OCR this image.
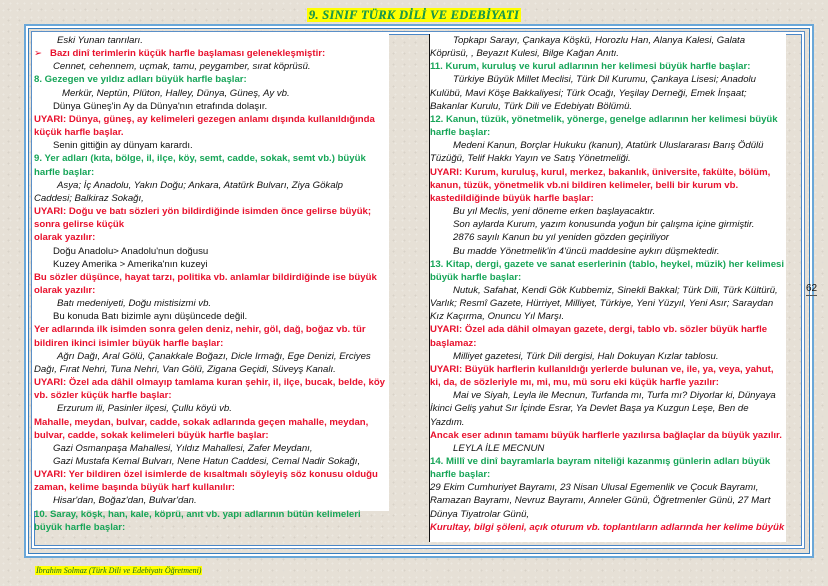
9. SINIF TÜRK DİLİ VE EDEBİYATI
Eski Yunan tanrıları.
➢ Bazı dinî terimlerin küçük harfle başlaması gelenekleşmiştir:
Cennet, cehennem, uçmak, tamu, peygamber, sırat köprüsü.
8. Gezegen ve yıldız adları büyük harfle başlar:
Merkür, Neptün, Plüton, Halley, Dünya, Güneş, Ay vb.
Dünya Güneş'in Ay da Dünya'nın etrafında dolaşır.
UYARI: Dünya, güneş, ay kelimeleri gezegen anlamı dışında kullanıldığında
küçük harfle başlar.
Senin gittiğin ay dünyam karardı.
9. Yer adları (kıta, bölge, il, ilçe, köy, semt, cadde, sokak, semt vb.) büyük
harfle başlar:
Asya; İç Anadolu, Yakın Doğu; Ankara, Atatürk Bulvarı, Ziya Gökalp
Caddesi; Balkiraz Sokağı,
UYARI: Doğu ve batı sözleri yön bildirdiğinde isimden önce gelirse büyük;
sonra gelirse küçük
olarak yazılır:
Doğu Anadolu> Anadolu'nun doğusu
Kuzey Amerika > Amerika'nın kuzeyi
Bu sözler düşünce, hayat tarzı, politika vb. anlamlar bildirdiğinde ise büyük
olarak yazılır:
Batı medeniyeti, Doğu mistisizmi vb.
Bu konuda Batı bizimle aynı düşüncede değil.
Yer adlarında ilk isimden sonra gelen deniz, nehir, göl, dağ, boğaz vb. tür
bildiren ikinci isimler büyük harfle başlar:
Ağrı Dağı, Aral Gölü, Çanakkale Boğazı, Dicle Irmağı, Ege Denizi, Erciyes
Dağı, Fırat Nehri, Tuna Nehri, Van Gölü, Zigana Geçidi, Süveyş Kanalı.
UYARI: Özel ada dâhil olmayıp tamlama kuran şehir, il, ilçe, bucak, belde, köy
vb. sözler küçük harfle başlar:
Erzurum ili, Pasinler ilçesi, Çullu köyü vb.
Mahalle, meydan, bulvar, cadde, sokak adlarında geçen mahalle, meydan,
bulvar, cadde, sokak kelimeleri büyük harfle başlar:
Gazi Osmanpaşa Mahallesi, Yıldız Mahallesi, Zafer Meydanı,
Gazi Mustafa Kemal Bulvarı, Nene Hatun Caddesi, Cemal Nadir Sokağı,
UYARI: Yer bildiren özel isimlerde de kısaltmalı söyleyiş söz konusu olduğu
zaman, kelime başında büyük harf kullanılır:
Hisar'dan, Boğaz'dan, Bulvar'dan.
10. Saray, köşk, han, kale, köprü, anıt vb. yapı adlarının bütün kelimeleri
büyük harfle başlar:
Topkapı Sarayı, Çankaya Köşkü, Horozlu Han, Alanya Kalesi, Galata
Köprüsü, , Beyazıt Kulesi, Bilge Kağan Anıtı.
11. Kurum, kuruluş ve kurul adlarının her kelimesi büyük harfle başlar:
Türkiye Büyük Millet Meclisi, Türk Dil Kurumu, Çankaya Lisesi; Anadolu
Kulübü, Mavi Köşe Bakkaliyesi; Türk Ocağı, Yeşilay Derneği, Emek İnşaat;
Bakanlar Kurulu, Türk Dili ve Edebiyatı Bölümü.
12. Kanun, tüzük, yönetmelik, yönerge, genelge adlarının her kelimesi büyük
harfle başlar:
Medeni Kanun, Borçlar Hukuku (kanun), Atatürk Uluslararası Barış Ödülü
Tüzüğü, Telif Hakkı Yayın ve Satış Yönetmeliği.
UYARI: Kurum, kuruluş, kurul, merkez, bakanlık, üniversite, fakülte, bölüm,
kanun, tüzük, yönetmelik vb.ni bildiren kelimeler, belli bir kurum vb.
kastedildiğinde büyük harfle başlar:
Bu yıl Meclis, yeni döneme erken başlayacaktır.
Son aylarda Kurum, yazım konusunda yoğun bir çalışma içine girmiştir.
2876 sayılı Kanun bu yıl yeniden gözden geçiriliyor
Bu madde Yönetmelik'in 4'üncü maddesine aykırı düşmektedir.
13. Kitap, dergi, gazete ve sanat eserlerinin (tablo, heykel, müzik) her kelimesi
büyük harfle başlar:
Nutuk, Safahat, Kendi Gök Kubbemiz, Sinekli Bakkal; Türk Dili, Türk Kültürü,
Varlık; Resmî Gazete, Hürriyet, Milliyet, Türkiye, Yeni Yüzyıl, Yeni Asır; Saraydan
Kız Kaçırma, Onuncu Yıl Marşı.
UYARI: Özel ada dâhil olmayan gazete, dergi, tablo vb. sözler büyük harfle
başlamaz:
Milliyet gazetesi, Türk Dili dergisi, Halı Dokuyan Kızlar tablosu.
UYARI: Büyük harflerin kullanıldığı yerlerde bulunan ve, ile, ya, veya, yahut,
ki, da, de sözleriyle mı, mi, mu, mü soru eki küçük harfle yazılır:
Mai ve Siyah, Leyla ile Mecnun, Turfanda mı, Turfa mı? Diyorlar ki, Dünyaya
İkinci Geliş yahut Sır İçinde Esrar, Ya Devlet Başa ya Kuzgun Leşe, Ben de
Yazdım.
Ancak eser adının tamamı büyük harflerle yazılırsa bağlaçlar da büyük yazılır.
LEYLA İLE MECNUN
14. Millî ve dinî bayramlarla bayram niteliği kazanmış günlerin adları büyük
harfle başlar:
29 Ekim Cumhuriyet Bayramı, 23 Nisan Ulusal Egemenlik ve Çocuk Bayramı,
Ramazan Bayramı, Nevruz Bayramı, Anneler Günü, Öğretmenler Günü, 27 Mart
Dünya Tiyatrolar Günü,
Kurultay, bilgi şöleni, açık oturum vb. toplantıların adlarında her kelime büyük
62
İbrahim Solmaz (Türk Dili ve Edebiyatı Öğretmeni)
